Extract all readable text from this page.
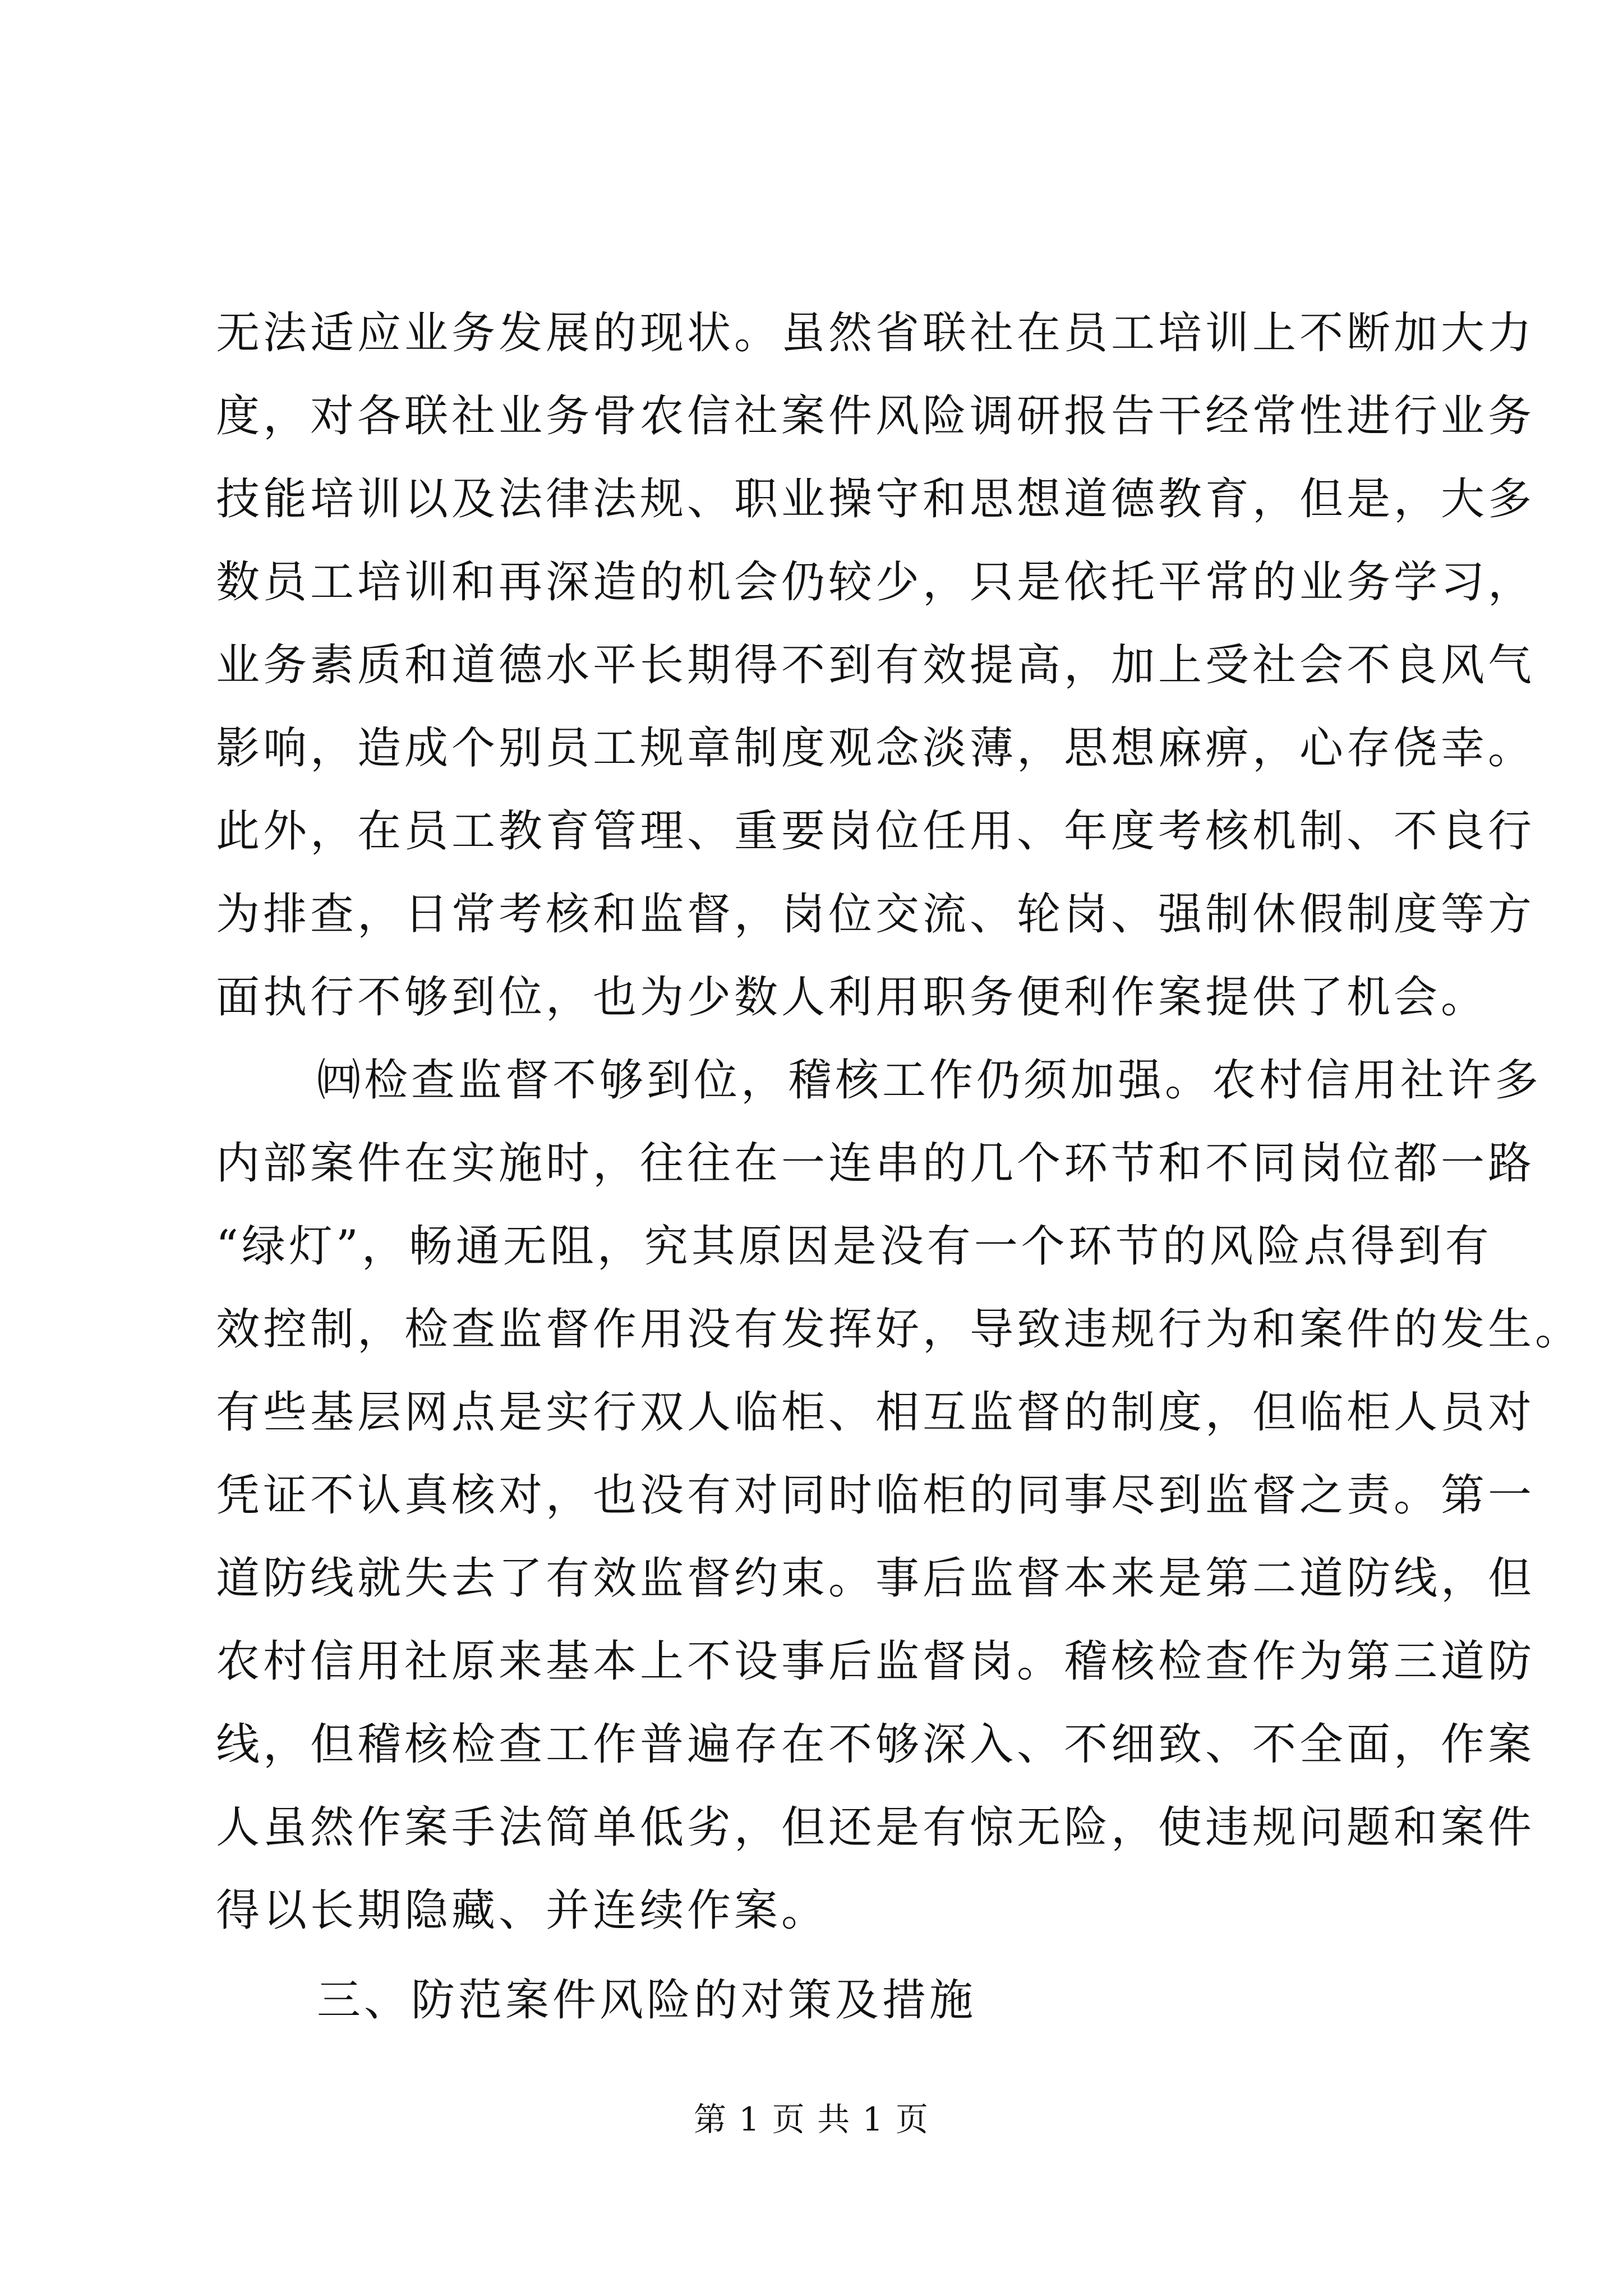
无法适应业务发展的现状。虽然省联社在员工培训上不断加大力
度，对各联社业务骨农信社案件风险调研报告干经常性进行业务
技能培训以及法律法规、职业操守和思想道德教育，但是，大多
数员工培训和再深造的机会仍较少，只是依托平常的业务学习，
业务素质和道德水平长期得不到有效提高，加上受社会不良风气
影响，造成个别员工规章制度观念淡薄，思想麻痹，心存侥幸。
此外，在员工教育管理、重要岗位任用、年度考核机制、不良行
为排查，日常考核和监督，岗位交流、轮岗、强制休假制度等方
面执行不够到位，也为少数人利用职务便利作案提供了机会。
㈣检查监督不够到位，稽核工作仍须加强。农村信用社许多
内部案件在实施时，往往在一连串的几个环节和不同岗位都一路
“绿灯”，畅通无阻，究其原因是没有一个环节的风险点得到有
效控制，检查监督作用没有发挥好，导致违规行为和案件的发生。
有些基层网点是实行双人临柜、相互监督的制度，但临柜人员对
凭证不认真核对，也没有对同时临柜的同事尽到监督之责。第一
道防线就失去了有效监督约束。事后监督本来是第二道防线，但
农村信用社原来基本上不设事后监督岗。稽核检查作为第三道防
线，但稽核检查工作普遍存在不够深入、不细致、不全面，作案
人虽然作案手法简单低劣，但还是有惊无险，使违规问题和案件
得以长期隐藏、并连续作案。
三、防范案件风险的对策及措施
第 1 页 共 1 页
